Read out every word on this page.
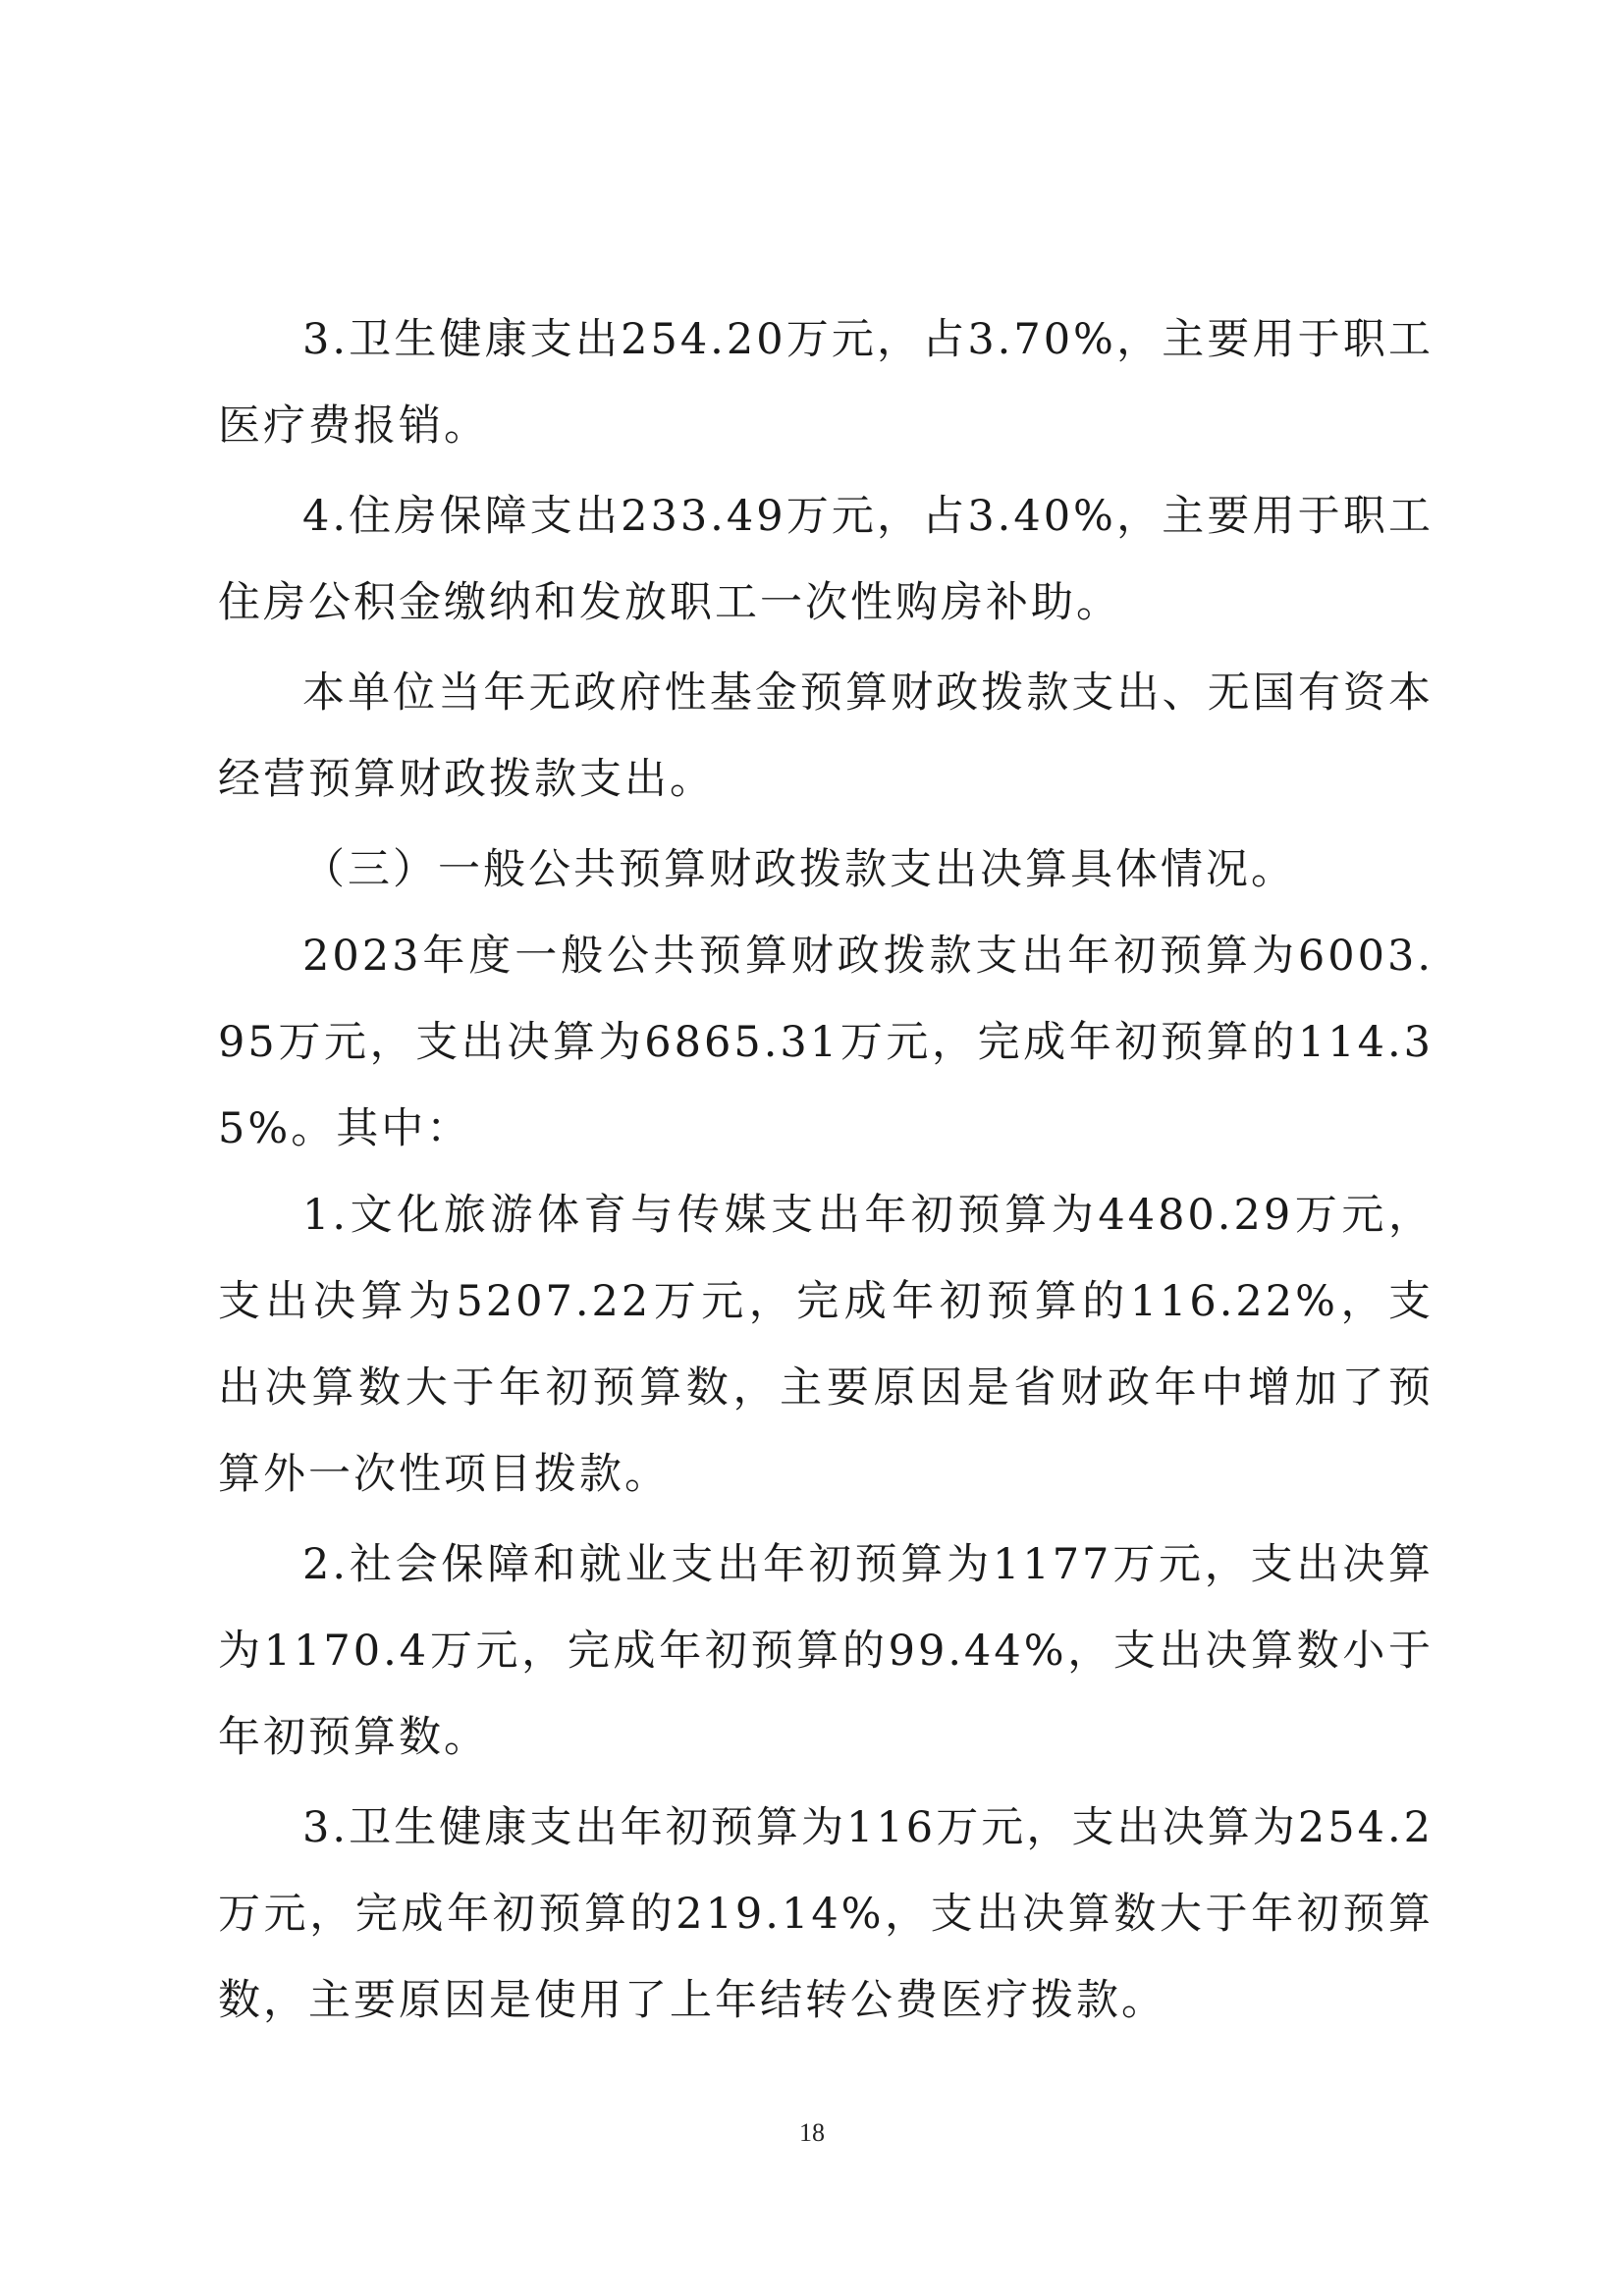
3.卫生健康支出254.20万元，占3.70%，主要用于职工医疗费报销。

4.住房保障支出233.49万元，占3.40%，主要用于职工住房公积金缴纳和发放职工一次性购房补助。

本单位当年无政府性基金预算财政拨款支出、无国有资本经营预算财政拨款支出。

（三）一般公共预算财政拨款支出决算具体情况。

2023年度一般公共预算财政拨款支出年初预算为6003.95万元，支出决算为6865.31万元，完成年初预算的114.35%。其中：

1.文化旅游体育与传媒支出年初预算为4480.29万元，支出决算为5207.22万元，完成年初预算的116.22%，支出决算数大于年初预算数，主要原因是省财政年中增加了预算外一次性项目拨款。

2.社会保障和就业支出年初预算为1177万元，支出决算为1170.4万元，完成年初预算的99.44%，支出决算数小于年初预算数。

3.卫生健康支出年初预算为116万元，支出决算为254.2万元，完成年初预算的219.14%，支出决算数大于年初预算数，主要原因是使用了上年结转公费医疗拨款。

18
